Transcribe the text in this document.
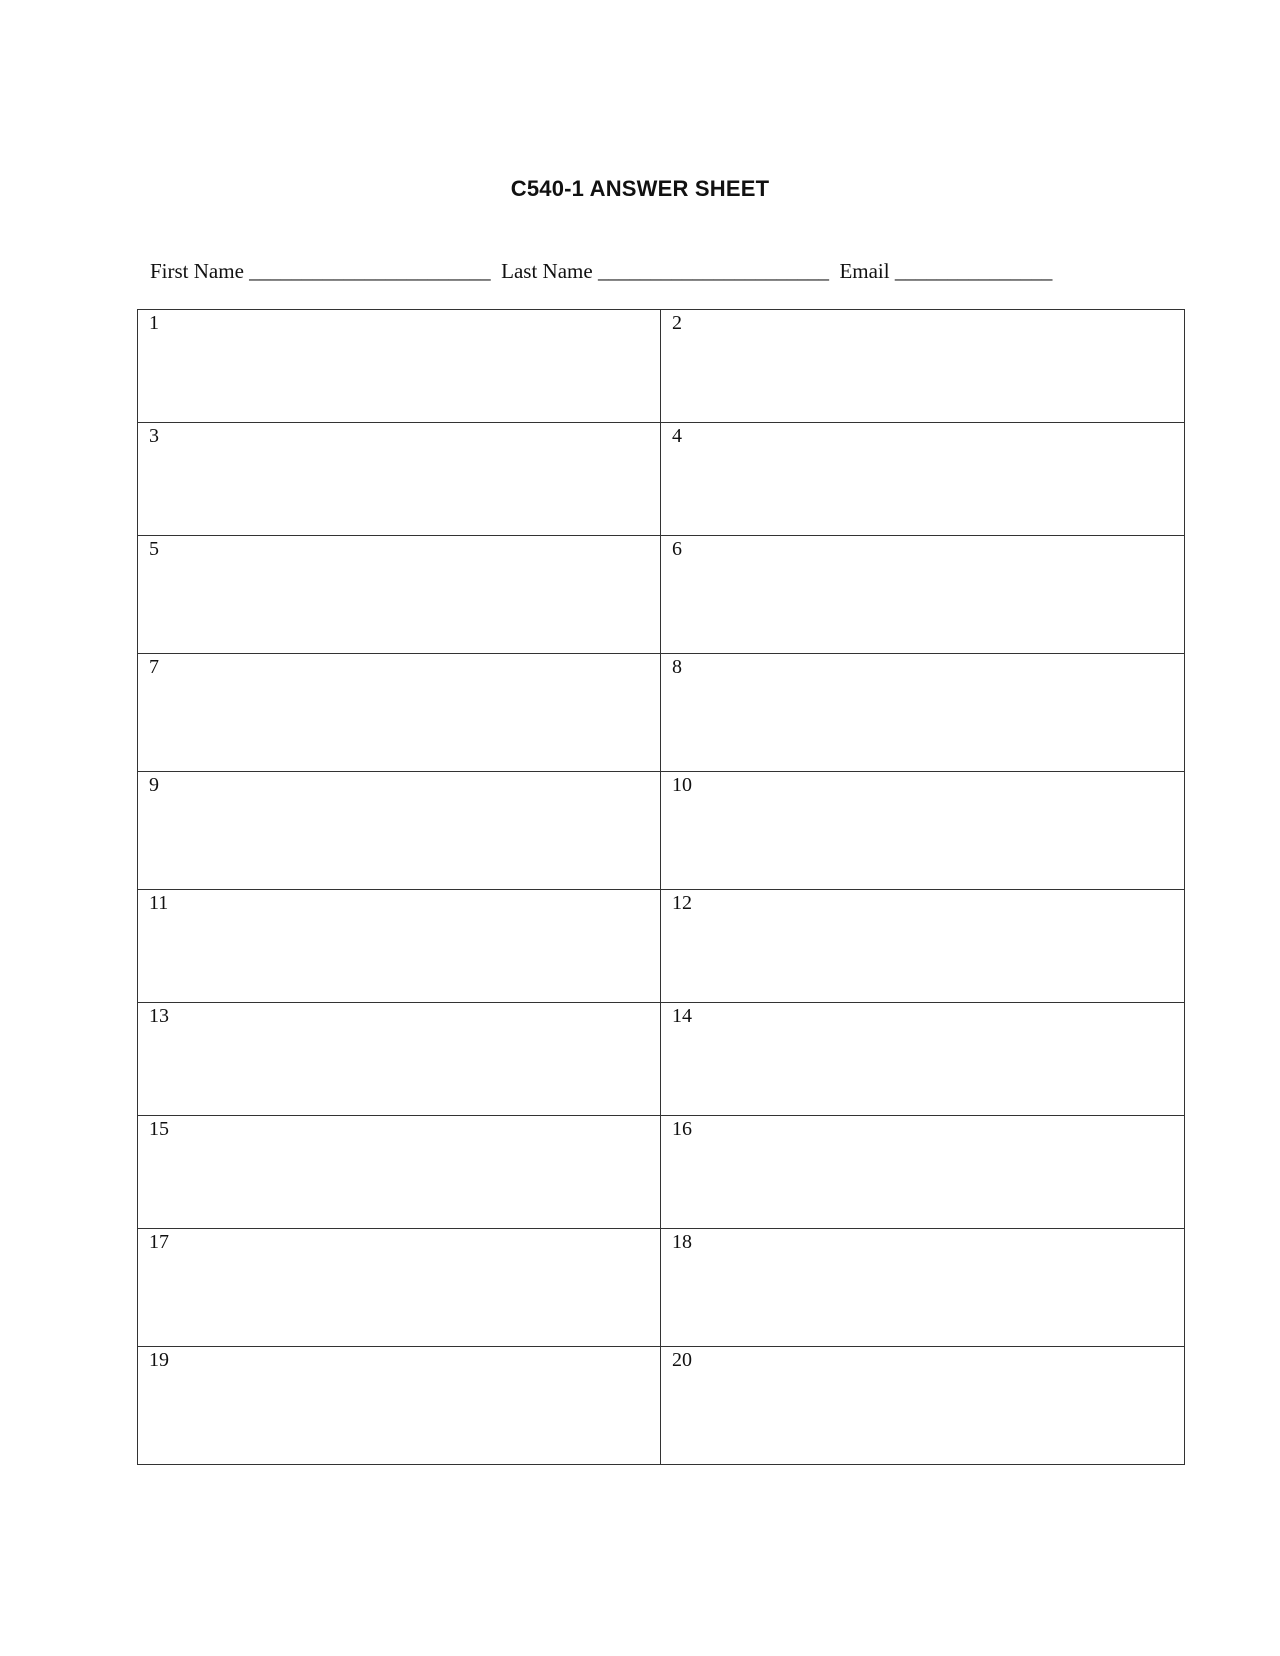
C540-1 ANSWER SHEET
First Name _______________________ Last Name ______________________ Email _______________
1	2

3	4

5	6

7	8

9	10

11	12

13	14

15	16

17	18

19	20
